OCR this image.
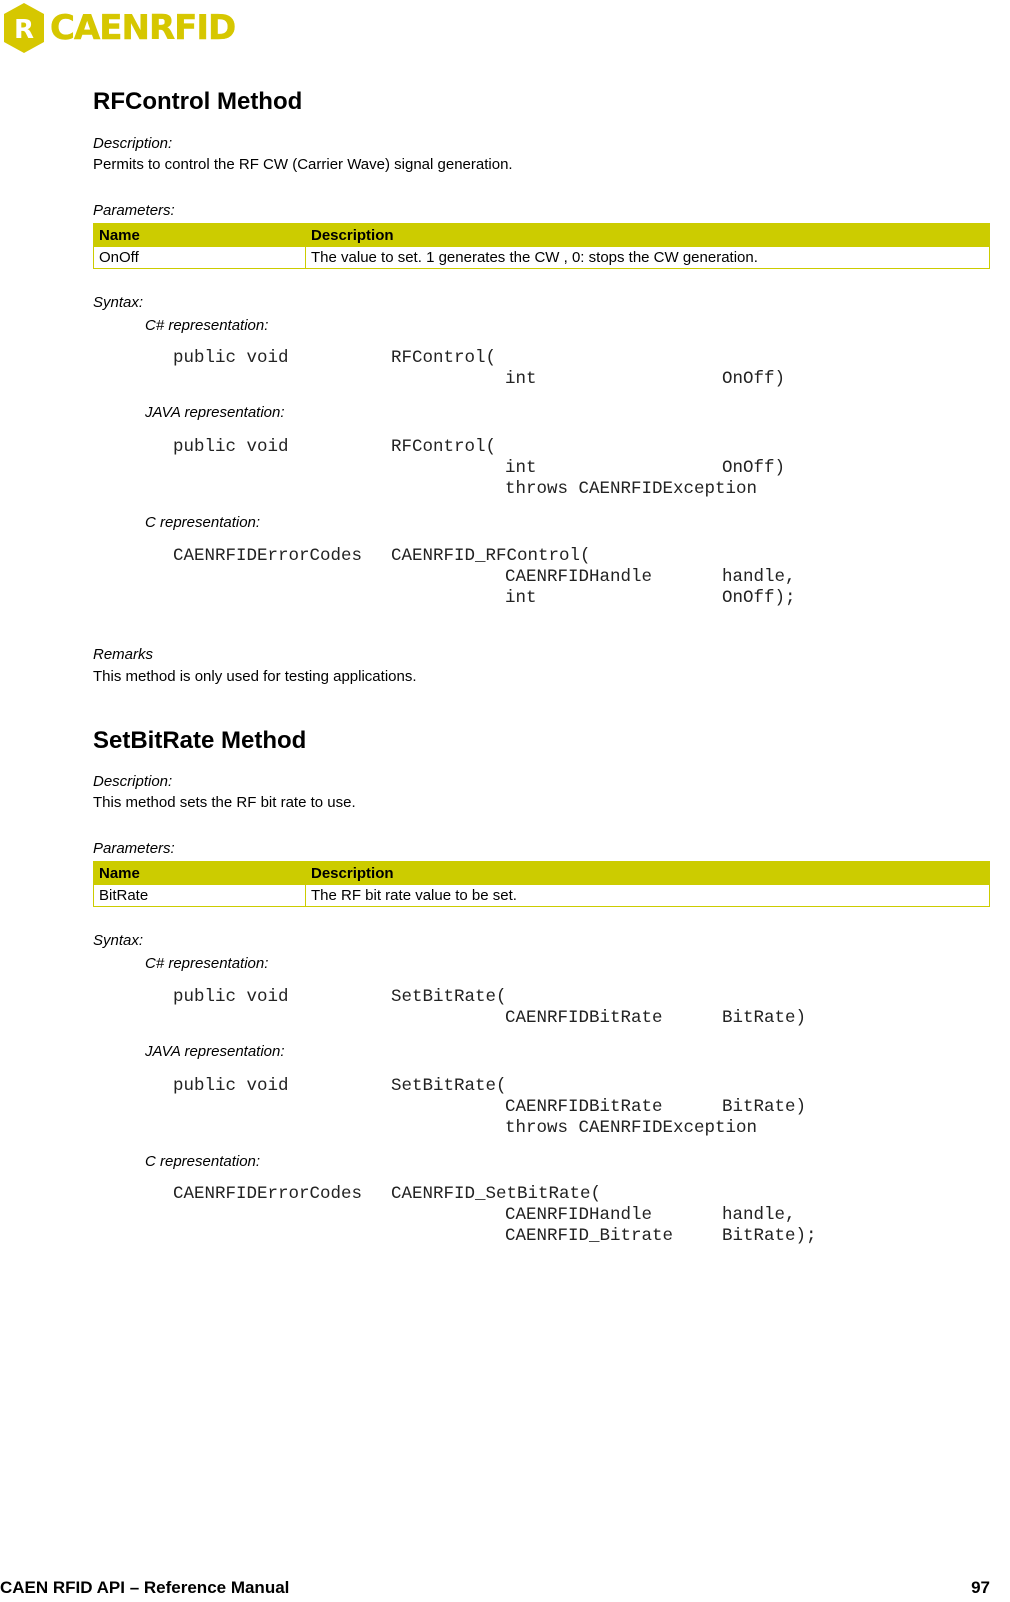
R CAENRFID
RFControl Method
Description:
Permits to control the RF CW (Carrier Wave) signal generation.
Parameters:
Name	Description
OnOff	The value to set. 1 generates the CW , 0: stops the CW generation.
Syntax:
C# representation:
public void	RFControl(
int	OnOff)
JAVA representation:
public void	RFControl(
int	OnOff)
throws CAENRFIDException
C representation:
CAENRFIDErrorCodes CAENRFID_RFControl(
CAENRFIDHandle	handle,
int	OnOff);
Remarks
This method is only used for testing applications.
SetBitRate Method
Description:
This method sets the RF bit rate to use.
Parameters:
Name	Description
BitRate	The RF bit rate value to be set.
Syntax:
C# representation:
public void	SetBitRate(
CAENRFIDBitRate	BitRate)
JAVA representation:
public void	SetBitRate(
CAENRFIDBitRate	BitRate)
throws CAENRFIDException
C representation:
CAENRFIDErrorCodes CAENRFID_SetBitRate(
CAENRFIDHandle	handle,
CAENRFID_Bitrate	BitRate);
CAEN RFID API – Reference Manual	97
